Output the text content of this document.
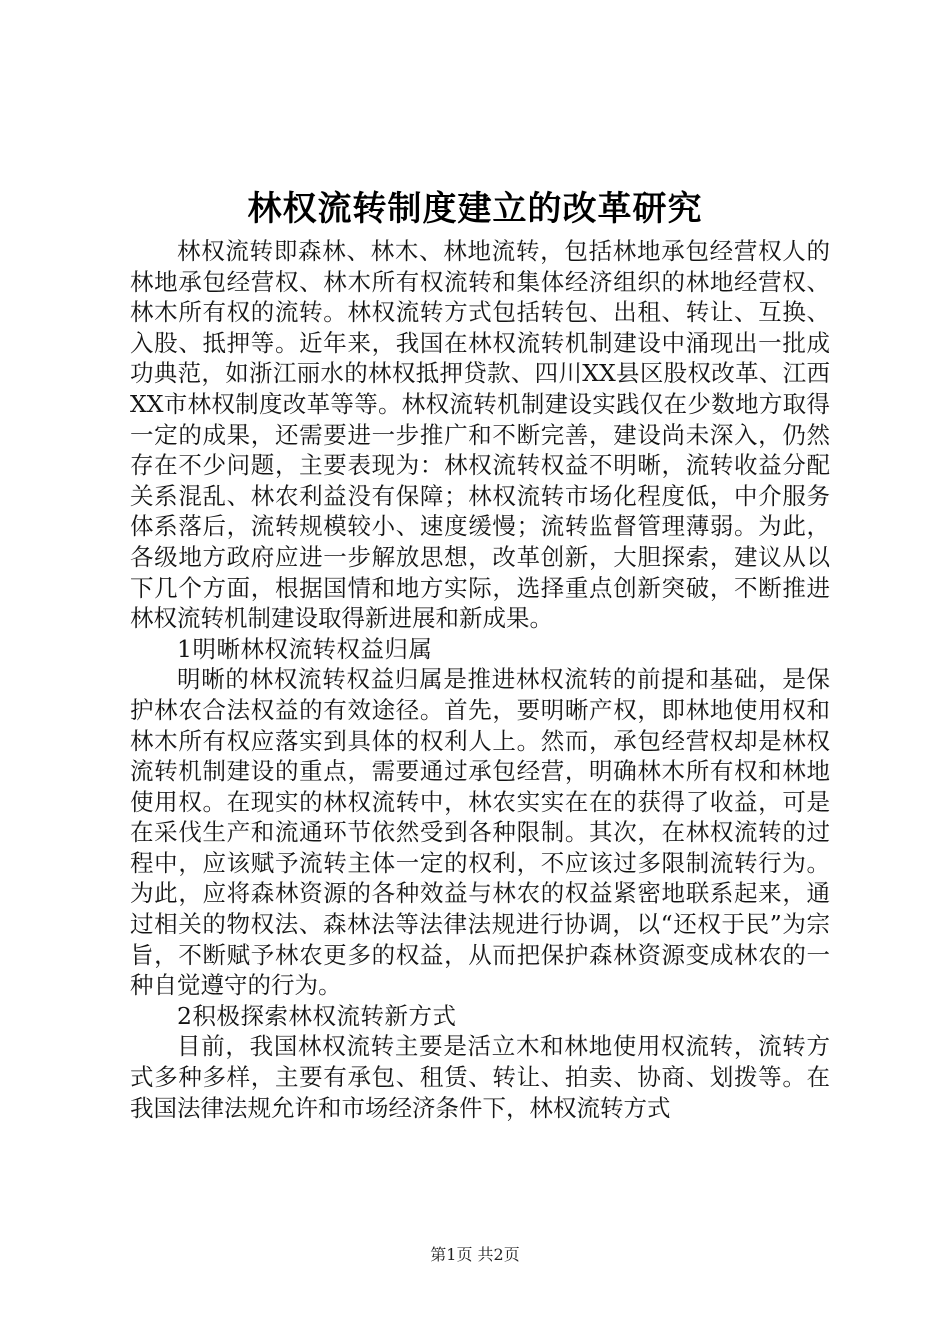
林权流转制度建立的改革研究

林权流转即森林、林木、林地流转，包括林地承包经营权人的林地承包经营权、林木所有权流转和集体经济组织的林地经营权、林木所有权的流转。林权流转方式包括转包、出租、转让、互换、入股、抵押等。近年来，我国在林权流转机制建设中涌现出一批成功典范，如浙江丽水的林权抵押贷款、四川XX县区股权改革、江西XX市林权制度改革等等。林权流转机制建设实践仅在少数地方取得一定的成果，还需要进一步推广和不断完善，建设尚未深入，仍然存在不少问题，主要表现为：林权流转权益不明晰，流转收益分配关系混乱、林农利益没有保障；林权流转市场化程度低，中介服务体系落后，流转规模较小、速度缓慢；流转监督管理薄弱。为此，各级地方政府应进一步解放思想，改革创新，大胆探索，建议从以下几个方面，根据国情和地方实际，选择重点创新突破，不断推进林权流转机制建设取得新进展和新成果。

1明晰林权流转权益归属

明晰的林权流转权益归属是推进林权流转的前提和基础，是保护林农合法权益的有效途径。首先，要明晰产权，即林地使用权和林木所有权应落实到具体的权利人上。然而，承包经营权却是林权流转机制建设的重点，需要通过承包经营，明确林木所有权和林地使用权。在现实的林权流转中，林农实实在在的获得了收益，可是在采伐生产和流通环节依然受到各种限制。其次，在林权流转的过程中，应该赋予流转主体一定的权利，不应该过多限制流转行为。为此，应将森林资源的各种效益与林农的权益紧密地联系起来，通过相关的物权法、森林法等法律法规进行协调，以“还权于民”为宗旨，不断赋予林农更多的权益，从而把保护森林资源变成林农的一种自觉遵守的行为。

2积极探索林权流转新方式

目前，我国林权流转主要是活立木和林地使用权流转，流转方式多种多样，主要有承包、租赁、转让、拍卖、协商、划拨等。在我国法律法规允许和市场经济条件下，林权流转方式

第1页 共2页
